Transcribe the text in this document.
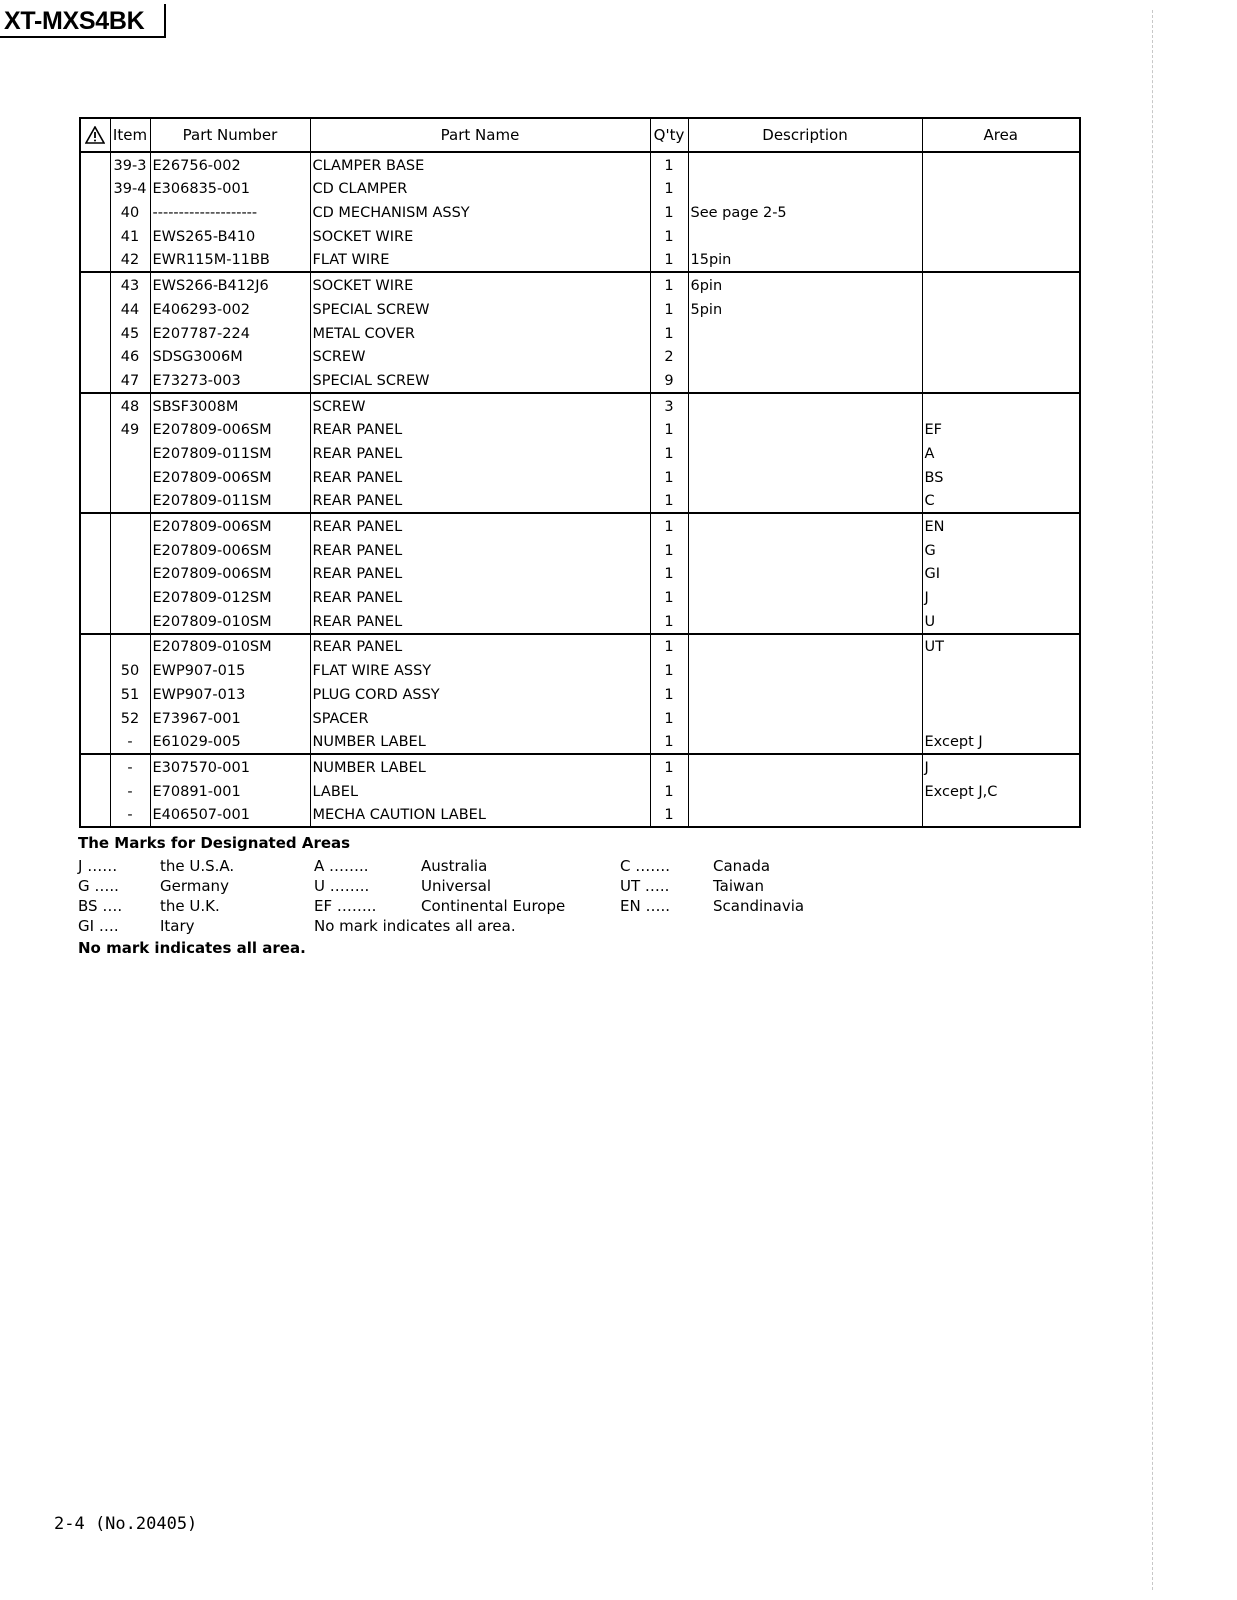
XT-MXS4BK
	Item	Part Number	Part Name	Q'ty	Description	Area
	39-3	E26756-002	CLAMPER BASE	1		
	39-4	E306835-001	CD CLAMPER	1		
	40	--------------------	CD MECHANISM ASSY	1	See page 2-5	
	41	EWS265-B410	SOCKET WIRE	1		
	42	EWR115M-11BB	FLAT WIRE	1	15pin	
	43	EWS266-B412J6	SOCKET WIRE	1	6pin	
	44	E406293-002	SPECIAL SCREW	1	5pin	
	45	E207787-224	METAL COVER	1		
	46	SDSG3006M	SCREW	2		
	47	E73273-003	SPECIAL SCREW	9		
	48	SBSF3008M	SCREW	3		
	49	E207809-006SM	REAR PANEL	1		EF
		E207809-011SM	REAR PANEL	1		A
		E207809-006SM	REAR PANEL	1		BS
		E207809-011SM	REAR PANEL	1		C
		E207809-006SM	REAR PANEL	1		EN
		E207809-006SM	REAR PANEL	1		G
		E207809-006SM	REAR PANEL	1		GI
		E207809-012SM	REAR PANEL	1		J
		E207809-010SM	REAR PANEL	1		U
		E207809-010SM	REAR PANEL	1		UT
	50	EWP907-015	FLAT WIRE ASSY	1		
	51	EWP907-013	PLUG CORD ASSY	1		
	52	E73967-001	SPACER	1		
	-	E61029-005	NUMBER LABEL	1		Except J
	-	E307570-001	NUMBER LABEL	1		J
	-	E70891-001	LABEL	1		Except J,C
	-	E406507-001	MECHA CAUTION LABEL	1		
The Marks for Designated Areas
J ……	the U.S.A.	A ……..	Australia	C …….	Canada
G …..	Germany	U ……..	Universal	UT …..	Taiwan
BS ….	the U.K.	EF ……..	Continental Europe	EN …..	Scandinavia
GI ….	Itary	No mark indicates all area.
No mark indicates all area.
2-4 (No.20405)
